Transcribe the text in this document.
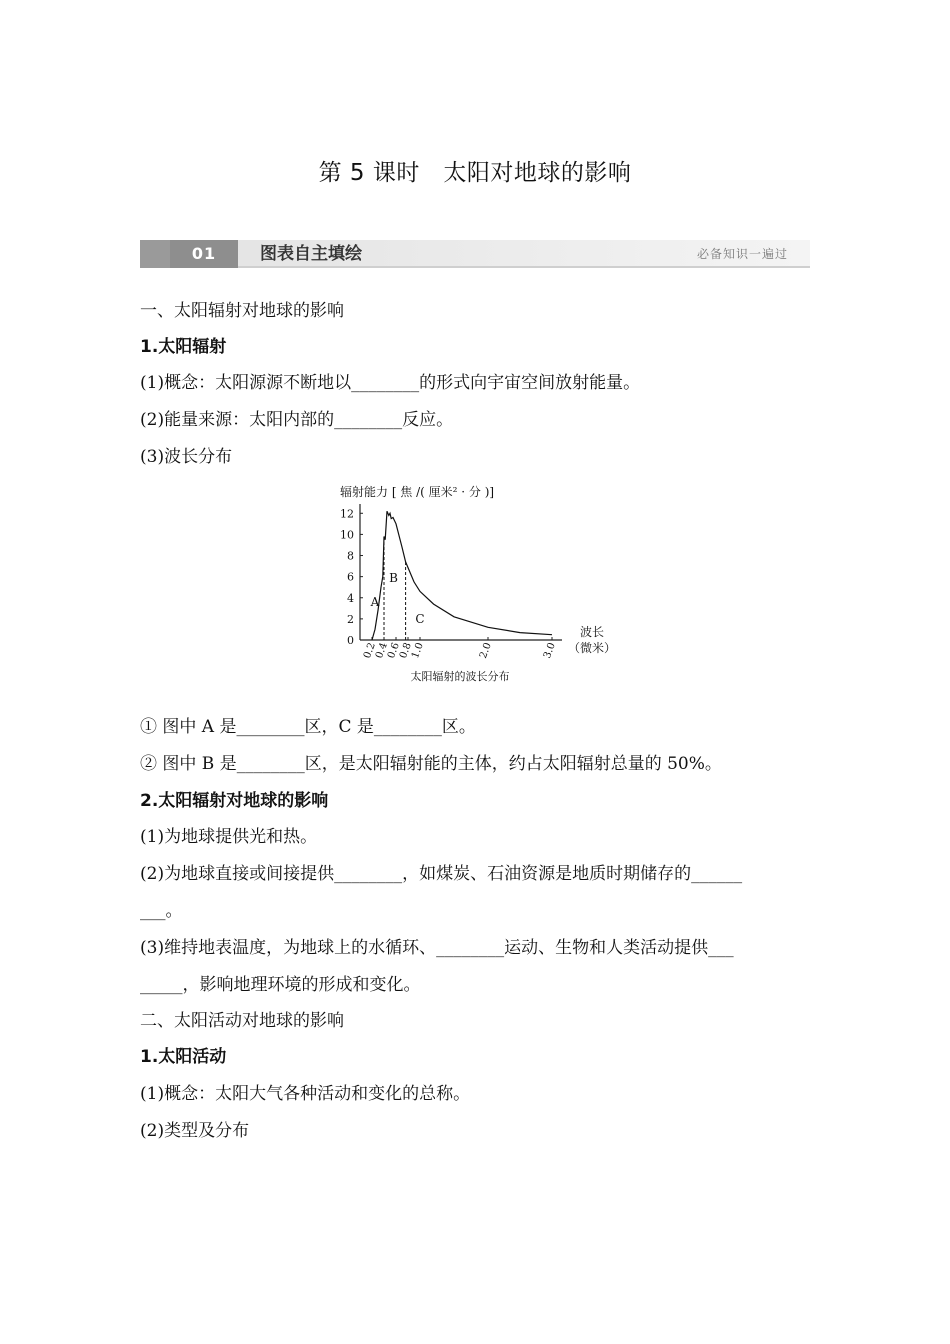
第 5 课时　太阳对地球的影响
01	图表自主填绘	必备知识一遍过
一、太阳辐射对地球的影响
1.太阳辐射
(1)概念：太阳源源不断地以________的形式向宇宙空间放射能量。
(2)能量来源：太阳内部的________反应。
(3)波长分布
辐射能力 [ 焦 /( 厘米² · 分 )]
0
2
4
6
8
10
12
0.2
0.4
0.6
0.8
1.0	2.0	3.0
波长
（微米）
A
B
C
太阳辐射的波长分布
① 图中 A 是________区，C 是________区。
② 图中 B 是________区，是太阳辐射能的主体，约占太阳辐射总量的 50%。
2.太阳辐射对地球的影响
(1)为地球提供光和热。
(2)为地球直接或间接提供________，如煤炭、石油资源是地质时期储存的______
___。
(3)维持地表温度，为地球上的水循环、________运动、生物和人类活动提供___
_____，影响地理环境的形成和变化。
二、太阳活动对地球的影响
1.太阳活动
(1)概念：太阳大气各种活动和变化的总称。
(2)类型及分布
